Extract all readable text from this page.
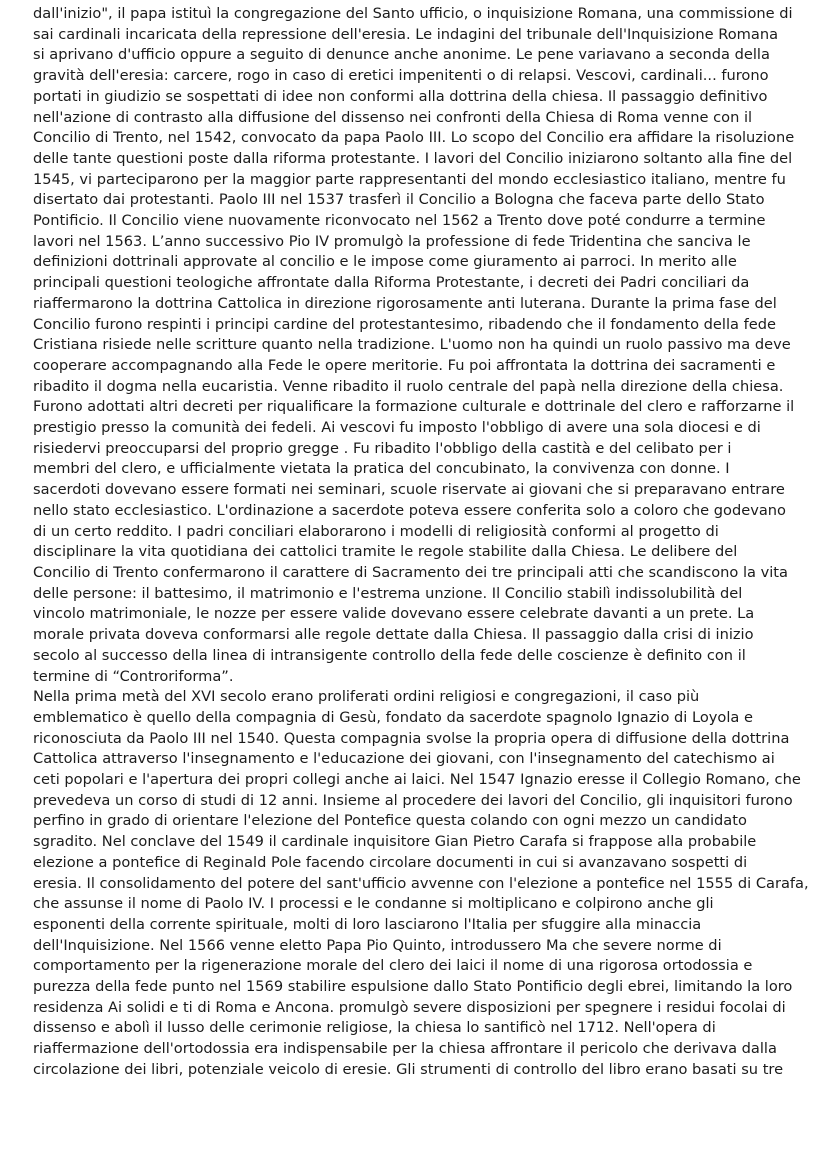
dall'inizio", il papa istituì la congregazione del Santo ufficio, o inquisizione Romana, una commissione di
sai cardinali incaricata della repressione dell'eresia. Le indagini del tribunale dell'Inquisizione Romana
si aprivano d'ufficio oppure a seguito di denunce anche anonime. Le pene variavano a seconda della
gravità dell'eresia: carcere, rogo in caso di eretici impenitenti o di relapsi. Vescovi, cardinali... furono
portati in giudizio se sospettati di idee non conformi alla dottrina della chiesa. Il passaggio definitivo
nell'azione di contrasto alla diffusione del dissenso nei confronti della Chiesa di Roma venne con il
Concilio di Trento, nel 1542, convocato da papa Paolo III. Lo scopo del Concilio era affidare la risoluzione
delle tante questioni poste dalla riforma protestante. I lavori del Concilio iniziarono soltanto alla fine del
1545, vi parteciparono per la maggior parte rappresentanti del mondo ecclesiastico italiano, mentre fu
disertato dai protestanti. Paolo III nel 1537 trasferì il Concilio a Bologna che faceva parte dello Stato
Pontificio. Il Concilio viene nuovamente riconvocato nel 1562 a Trento dove poté condurre a termine
lavori nel 1563. L’anno successivo Pio IV promulgò la professione di fede Tridentina che sanciva le
definizioni dottrinali approvate al concilio e le impose come giuramento ai parroci. In merito alle
principali questioni teologiche affrontate dalla Riforma Protestante, i decreti dei Padri conciliari da
riaffermarono la dottrina Cattolica in direzione rigorosamente anti luterana. Durante la prima fase del
Concilio furono respinti i principi cardine del protestantesimo, ribadendo che il fondamento della fede
Cristiana risiede nelle scritture quanto nella tradizione. L'uomo non ha quindi un ruolo passivo ma deve
cooperare accompagnando alla Fede le opere meritorie. Fu poi affrontata la dottrina dei sacramenti e
ribadito il dogma nella eucaristia. Venne ribadito il ruolo centrale del papà nella direzione della chiesa.
Furono adottati altri decreti per riqualificare la formazione culturale e dottrinale del clero e rafforzarne il
prestigio presso la comunità dei fedeli. Ai vescovi fu imposto l'obbligo di avere una sola diocesi e di
risiedervi preoccuparsi del proprio gregge . Fu ribadito l'obbligo della castità e del celibato per i
membri del clero, e ufficialmente vietata la pratica del concubinato, la convivenza con donne. I
sacerdoti dovevano essere formati nei seminari, scuole riservate ai giovani che si preparavano entrare
nello stato ecclesiastico. L'ordinazione a sacerdote poteva essere conferita solo a coloro che godevano
di un certo reddito. I padri conciliari elaborarono i modelli di religiosità conformi al progetto di
disciplinare la vita quotidiana dei cattolici tramite le regole stabilite dalla Chiesa. Le delibere del
Concilio di Trento confermarono il carattere di Sacramento dei tre principali atti che scandiscono la vita
delle persone: il battesimo, il matrimonio e l'estrema unzione. Il Concilio stabilì indissolubilità del
vincolo matrimoniale, le nozze per essere valide dovevano essere celebrate davanti a un prete. La
morale privata doveva conformarsi alle regole dettate dalla Chiesa. Il passaggio dalla crisi di inizio
secolo al successo della linea di intransigente controllo della fede delle coscienze è definito con il
termine di “Controriforma”.

Nella prima metà del XVI secolo erano proliferati ordini religiosi e congregazioni, il caso più
emblematico è quello della compagnia di Gesù, fondato da sacerdote spagnolo Ignazio di Loyola e
riconosciuta da Paolo III nel 1540. Questa compagnia svolse la propria opera di diffusione della dottrina
Cattolica attraverso l'insegnamento e l'educazione dei giovani, con l'insegnamento del catechismo ai
ceti popolari e l'apertura dei propri collegi anche ai laici. Nel 1547 Ignazio eresse il Collegio Romano, che
prevedeva un corso di studi di 12 anni. Insieme al procedere dei lavori del Concilio, gli inquisitori furono
perfino in grado di orientare l'elezione del Pontefice questa colando con ogni mezzo un candidato
sgradito. Nel conclave del 1549 il cardinale inquisitore Gian Pietro Carafa si frappose alla probabile
elezione a pontefice di Reginald Pole facendo circolare documenti in cui si avanzavano sospetti di
eresia. Il consolidamento del potere del sant'ufficio avvenne con l'elezione a pontefice nel 1555 di Carafa,
che assunse il nome di Paolo IV. I processi e le condanne si moltiplicano e colpirono anche gli
esponenti della corrente spirituale, molti di loro lasciarono l'Italia per sfuggire alla minaccia
dell'Inquisizione. Nel 1566 venne eletto Papa Pio Quinto, introdussero Ma che severe norme di
comportamento per la rigenerazione morale del clero dei laici il nome di una rigorosa ortodossia e
purezza della fede punto nel 1569 stabilire espulsione dallo Stato Pontificio degli ebrei, limitando la loro
residenza Ai solidi e ti di Roma e Ancona. promulgò severe disposizioni per spegnere i residui focolai di
dissenso e abolì il lusso delle cerimonie religiose, la chiesa lo santificò nel 1712. Nell'opera di
riaffermazione dell'ortodossia era indispensabile per la chiesa affrontare il pericolo che derivava dalla
circolazione dei libri, potenziale veicolo di eresie. Gli strumenti di controllo del libro erano basati su tre
